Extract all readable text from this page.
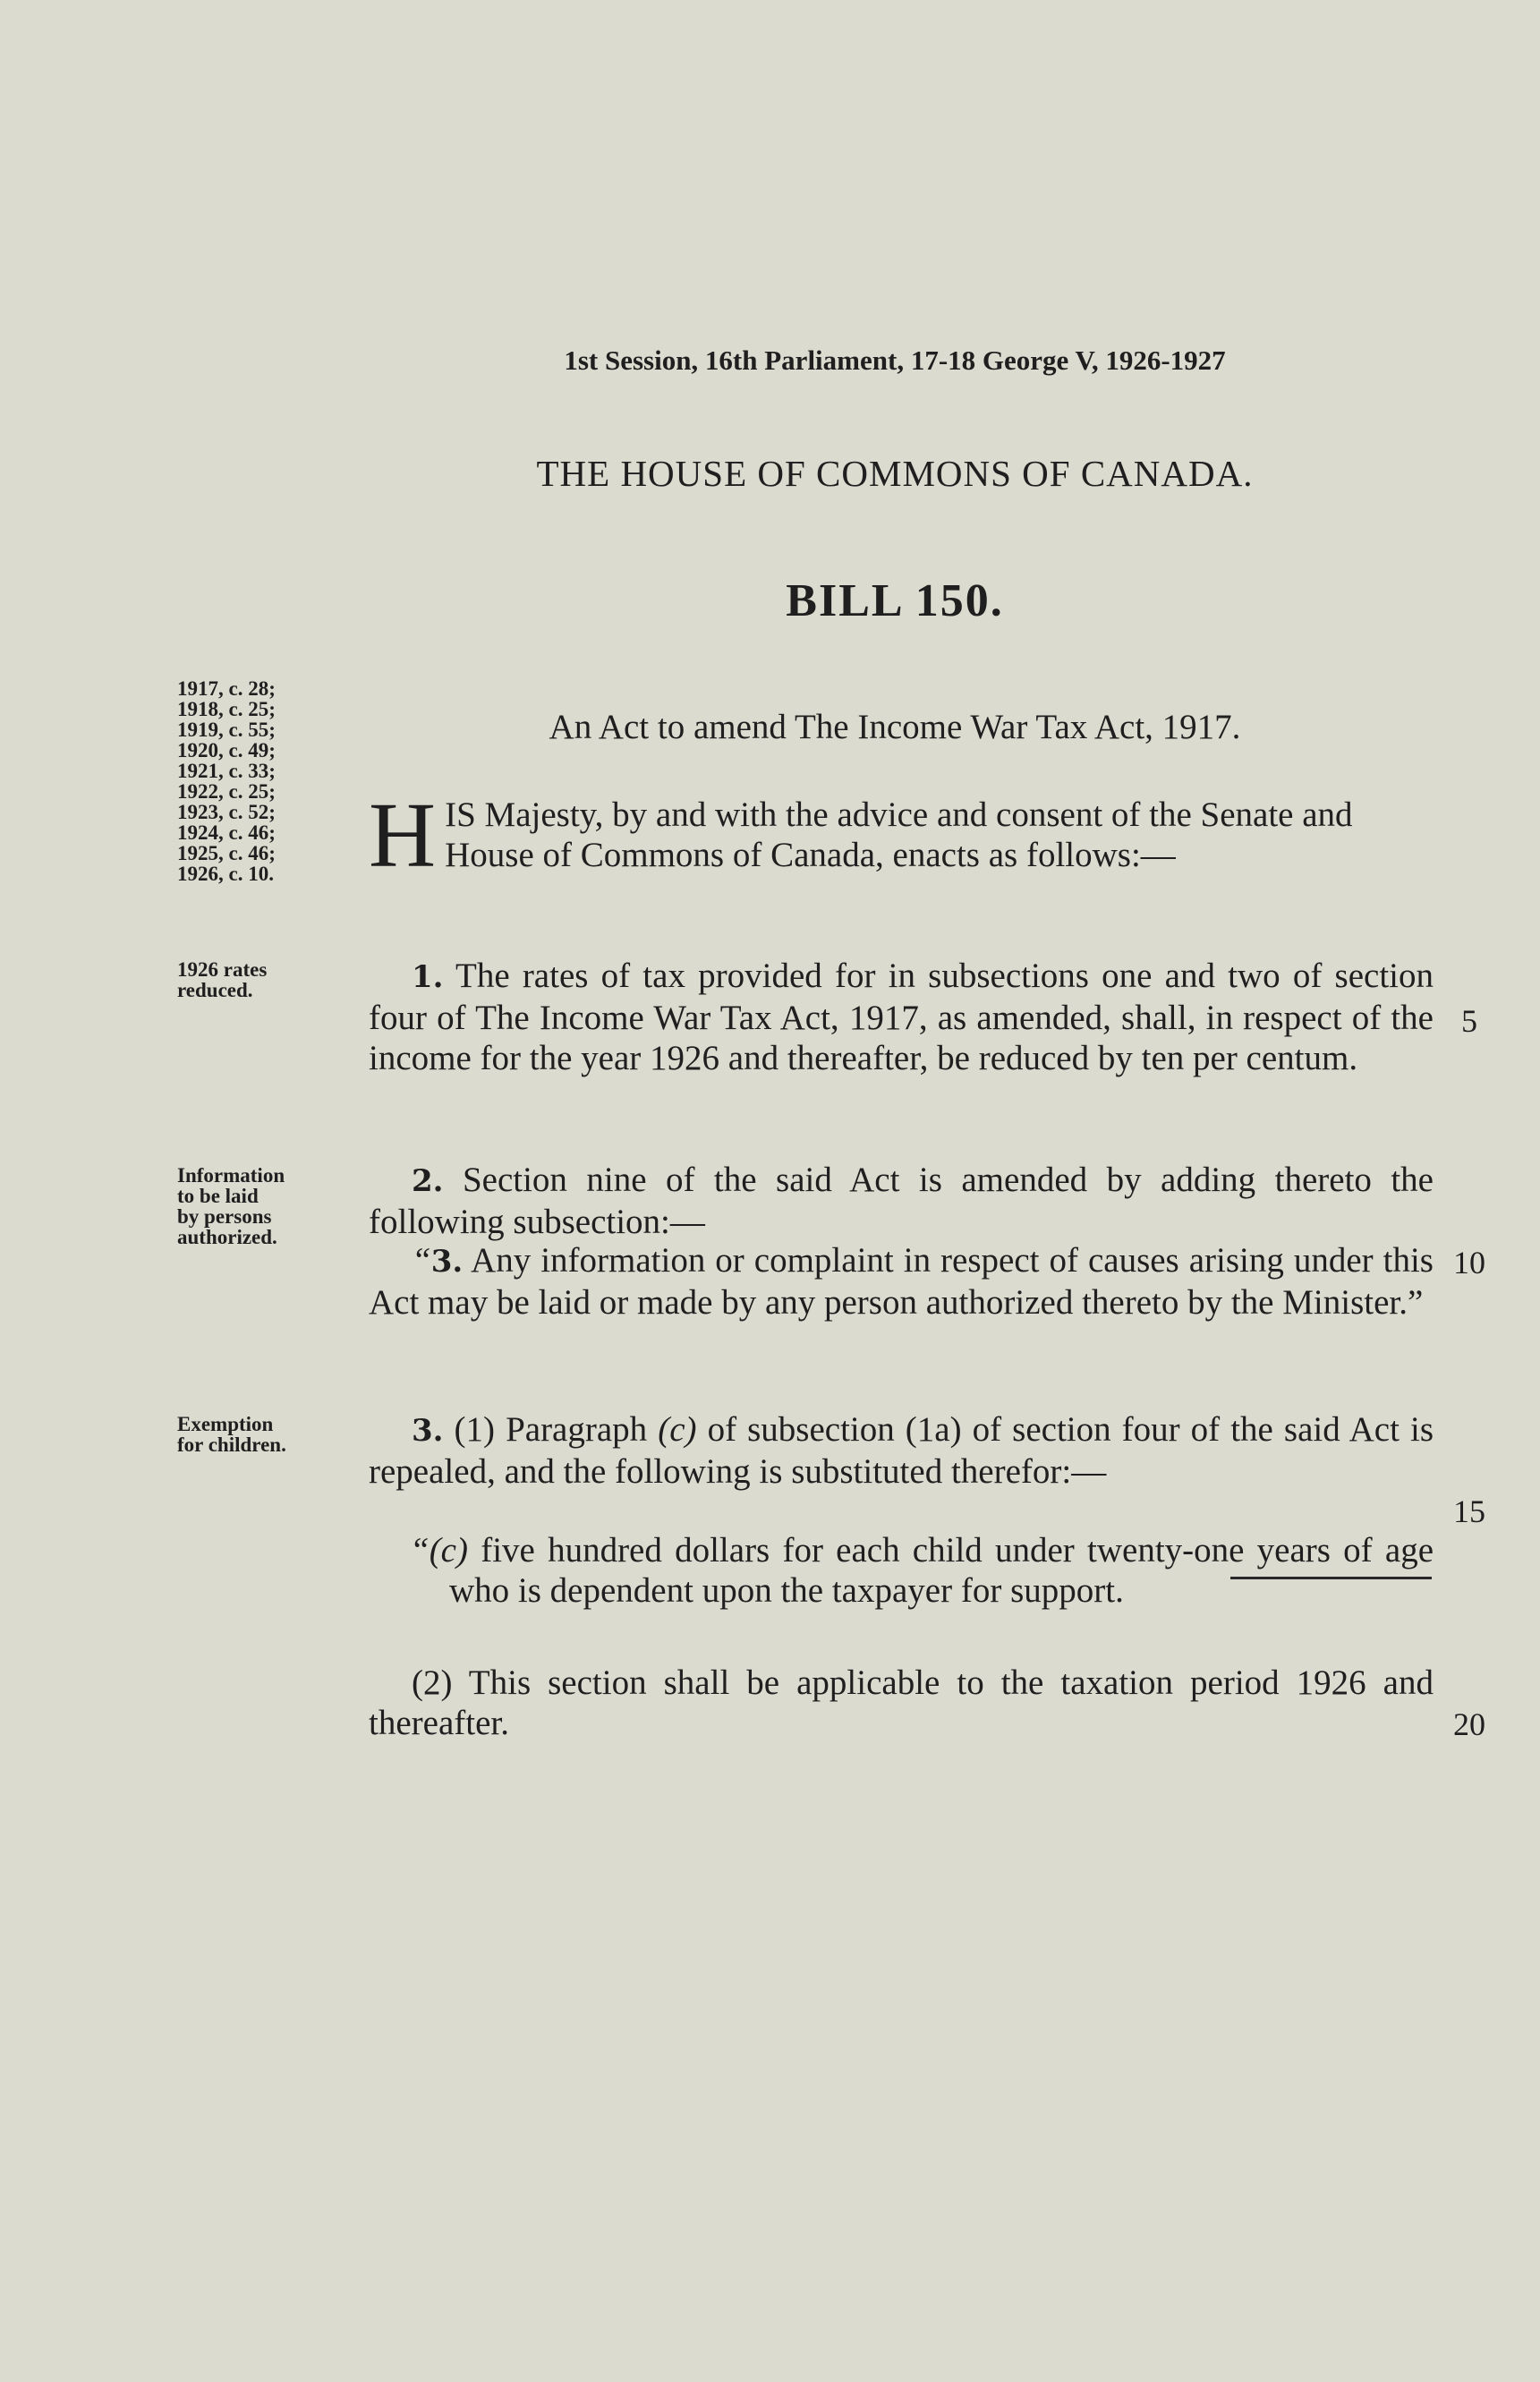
1st Session, 16th Parliament, 17-18 George V, 1926-1927
THE HOUSE OF COMMONS OF CANADA.
BILL 150.
An Act to amend The Income War Tax Act, 1917.
1917, c. 28;
1918, c. 25;
1919, c. 55;
1920, c. 49;
1921, c. 33;
1922, c. 25;
1923, c. 52;
1924, c. 46;
1925, c. 46;
1926, c. 10.
1926 rates
reduced.
Information
to be laid
by persons
authorized.
Exemption
for children.
HIS Majesty, by and with the advice and consent of the Senate and House of Commons of Canada, enacts as follows:—
1. The rates of tax provided for in subsections one and two of section four of The Income War Tax Act, 1917, as amended, shall, in respect of the income for the year 1926 and thereafter, be reduced by ten per centum.
2. Section nine of the said Act is amended by adding thereto the following subsection:—
“3. Any information or complaint in respect of causes arising under this Act may be laid or made by any person authorized thereto by the Minister.”
3. (1) Paragraph (c) of subsection (1a) of section four of the said Act is repealed, and the following is substituted therefor:—
“(c) five hundred dollars for each child under twenty-one years of age who is dependent upon the taxpayer for support.
(2) This section shall be applicable to the taxation period 1926 and thereafter.
5
10
15
20
